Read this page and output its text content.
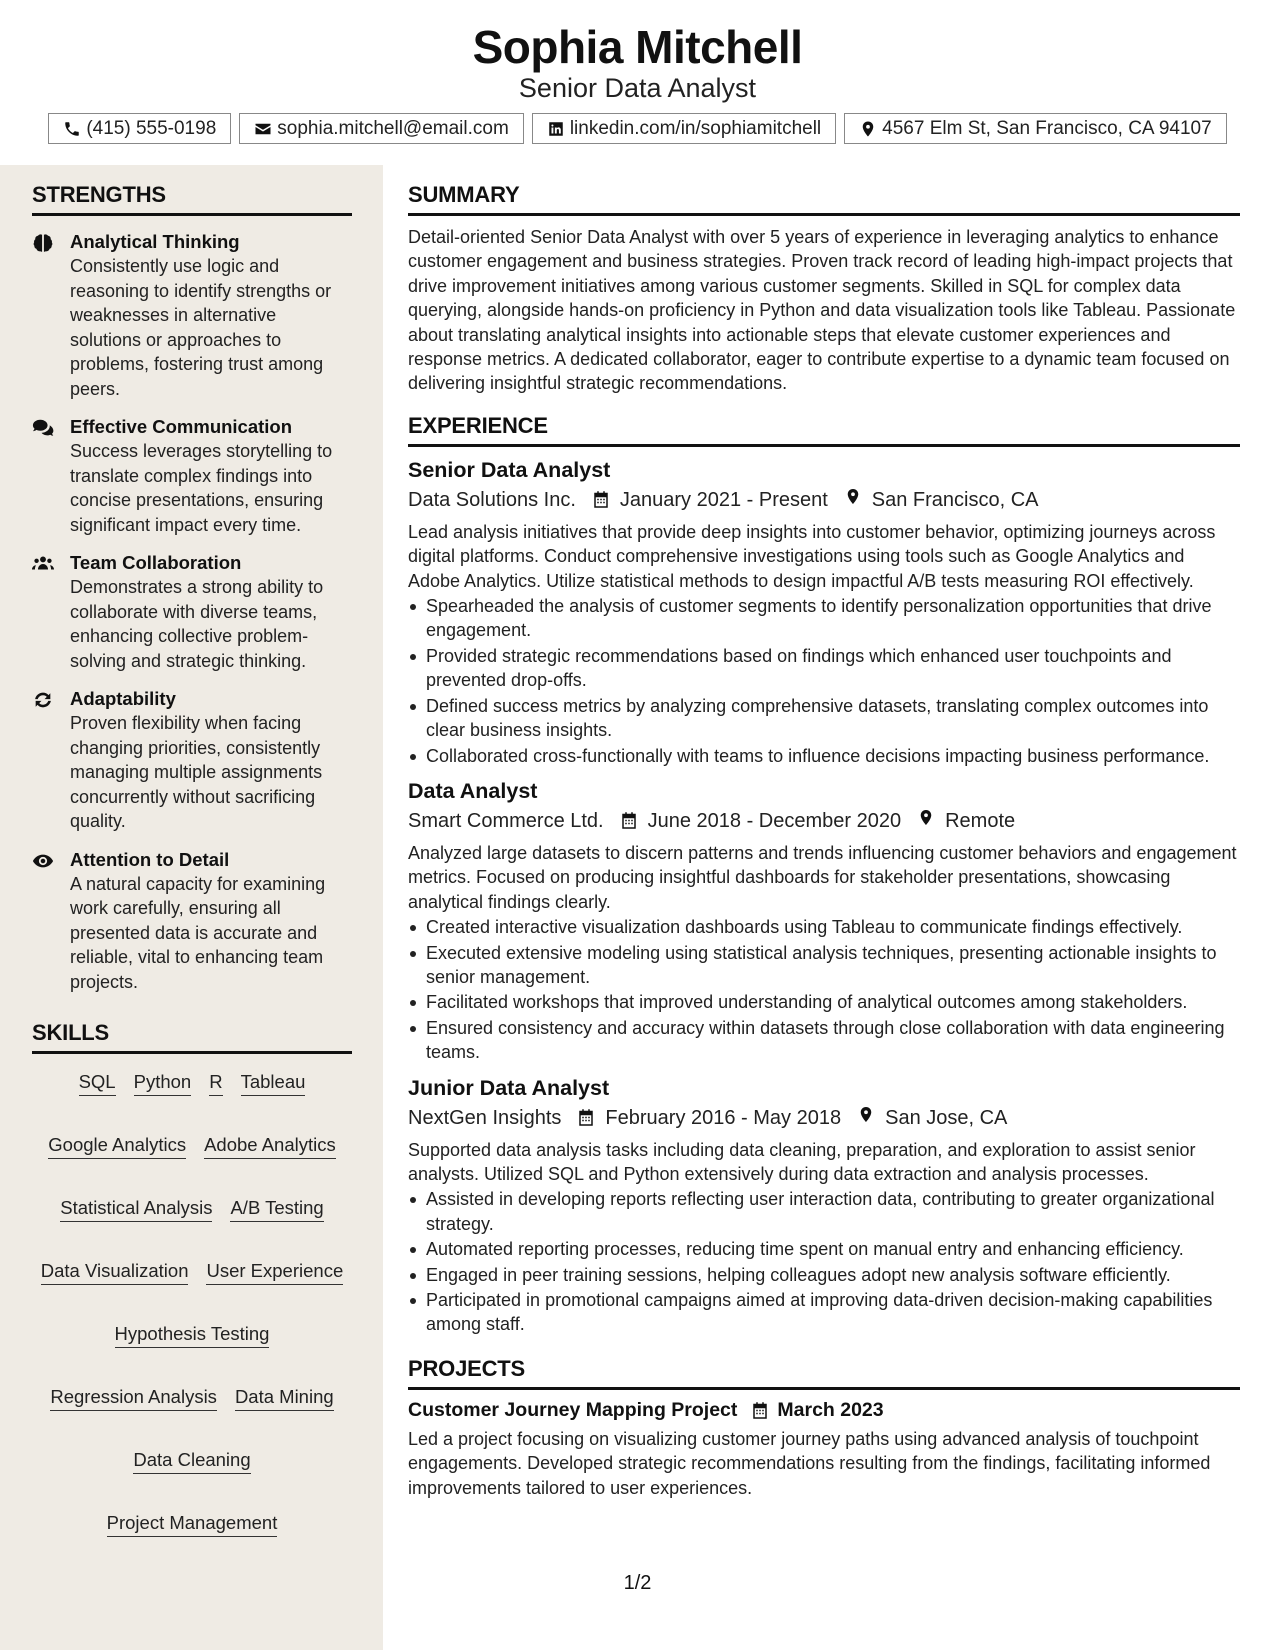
Sophia Mitchell
Senior Data Analyst
(415) 555-0198	sophia.mitchell@email.com	linkedin.com/in/sophiamitchell	4567 Elm St, San Francisco, CA 94107
STRENGTHS
Analytical Thinking
Consistently use logic and reasoning to identify strengths or weaknesses in alternative solutions or approaches to problems, fostering trust among peers.
Effective Communication
Success leverages storytelling to translate complex findings into concise presentations, ensuring significant impact every time.
Team Collaboration
Demonstrates a strong ability to collaborate with diverse teams, enhancing collective problem-solving and strategic thinking.
Adaptability
Proven flexibility when facing changing priorities, consistently managing multiple assignments concurrently without sacrificing quality.
Attention to Detail
A natural capacity for examining work carefully, ensuring all presented data is accurate and reliable, vital to enhancing team projects.
SKILLS
SQL Python R Tableau
Google Analytics Adobe Analytics
Statistical Analysis A/B Testing
Data Visualization User Experience
Hypothesis Testing
Regression Analysis Data Mining
Data Cleaning
Project Management
SUMMARY
Detail-oriented Senior Data Analyst with over 5 years of experience in leveraging analytics to enhance customer engagement and business strategies. Proven track record of leading high-impact projects that drive improvement initiatives among various customer segments. Skilled in SQL for complex data querying, alongside hands-on proficiency in Python and data visualization tools like Tableau. Passionate about translating analytical insights into actionable steps that elevate customer experiences and response metrics. A dedicated collaborator, eager to contribute expertise to a dynamic team focused on delivering insightful strategic recommendations.
EXPERIENCE
Senior Data Analyst
Data Solutions Inc. January 2021 - Present San Francisco, CA
Lead analysis initiatives that provide deep insights into customer behavior, optimizing journeys across digital platforms. Conduct comprehensive investigations using tools such as Google Analytics and Adobe Analytics. Utilize statistical methods to design impactful A/B tests measuring ROI effectively.
Spearheaded the analysis of customer segments to identify personalization opportunities that drive engagement.
Provided strategic recommendations based on findings which enhanced user touchpoints and prevented drop-offs.
Defined success metrics by analyzing comprehensive datasets, translating complex outcomes into clear business insights.
Collaborated cross-functionally with teams to influence decisions impacting business performance.
Data Analyst
Smart Commerce Ltd. June 2018 - December 2020 Remote
Analyzed large datasets to discern patterns and trends influencing customer behaviors and engagement metrics. Focused on producing insightful dashboards for stakeholder presentations, showcasing analytical findings clearly.
Created interactive visualization dashboards using Tableau to communicate findings effectively.
Executed extensive modeling using statistical analysis techniques, presenting actionable insights to senior management.
Facilitated workshops that improved understanding of analytical outcomes among stakeholders.
Ensured consistency and accuracy within datasets through close collaboration with data engineering teams.
Junior Data Analyst
NextGen Insights February 2016 - May 2018 San Jose, CA
Supported data analysis tasks including data cleaning, preparation, and exploration to assist senior analysts. Utilized SQL and Python extensively during data extraction and analysis processes.
Assisted in developing reports reflecting user interaction data, contributing to greater organizational strategy.
Automated reporting processes, reducing time spent on manual entry and enhancing efficiency.
Engaged in peer training sessions, helping colleagues adopt new analysis software efficiently.
Participated in promotional campaigns aimed at improving data-driven decision-making capabilities among staff.
PROJECTS
Customer Journey Mapping Project March 2023
Led a project focusing on visualizing customer journey paths using advanced analysis of touchpoint engagements. Developed strategic recommendations resulting from the findings, facilitating informed improvements tailored to user experiences.
1/2
